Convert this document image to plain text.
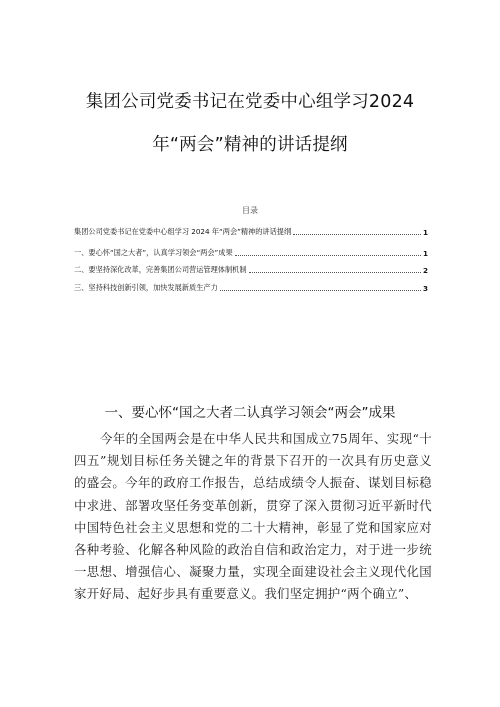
集团公司党委书记在党委中心组学习2024
年“两会”精神的讲话提纲
目录
集团公司党委书记在党委中心组学习 2024 年“两会”精神的讲话提纲	1
一、要心怀“国之大者”，认真学习领会“两会”成果	1
二、要坚持深化改革，完善集团公司营运管理体制机制	2
三、坚持科技创新引领，加快发展新质生产力	3
一、要心怀“国之大者二认真学习领会“两会”成果
今年的全国两会是在中华人民共和国成立75周年、实现“十四五”规划目标任务关键之年的背景下召开的一次具有历史意义的盛会。今年的政府工作报告，总结成绩令人振奋、谋划目标稳中求进、部署攻坚任务变革创新，贯穿了深入贯彻习近平新时代中国特色社会主义思想和党的二十大精神，彰显了党和国家应对各种考验、化解各种风险的政治自信和政治定力，对于进一步统一思想、增强信心、凝聚力量，实现全面建设社会主义现代化国家开好局、起好步具有重要意义。我们坚定拥护“两个确立”、
